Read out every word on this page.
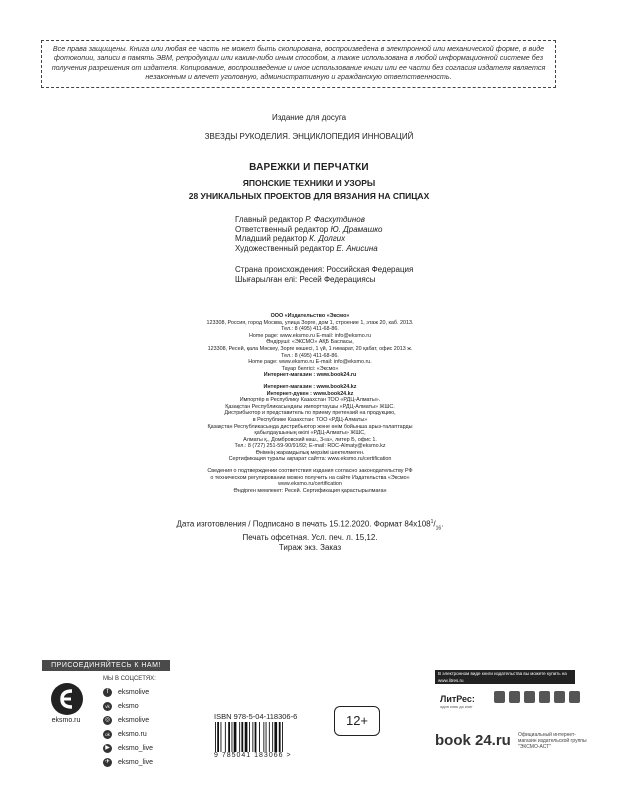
Все права защищены. Книга или любая ее часть не может быть скопирована, воспроизведена в электронной или механической форме, в виде фотокопии, записи в память ЭВМ, репродукции или каким-либо иным способом, а также использована в любой информационной системе без получения разрешения от издателя. Копирование, воспроизведение и иное использование книги или ее части без согласия издателя является незаконным и влечет уголовную, административную и гражданскую ответственность.
Издание для досуга
ЗВЕЗДЫ РУКОДЕЛИЯ. ЭНЦИКЛОПЕДИЯ ИННОВАЦИЙ
ВАРЕЖКИ И ПЕРЧАТКИ
ЯПОНСКИЕ ТЕХНИКИ И УЗОРЫ
28 УНИКАЛЬНЫХ ПРОЕКТОВ ДЛЯ ВЯЗАНИЯ НА СПИЦАХ
Главный редактор Р. Фасхутдинов
Ответственный редактор Ю. Драмашко
Младший редактор К. Долгих
Художественный редактор Е. Анисина
Страна происхождения: Российская Федерация
Шығарылған елі: Ресей Федерациясы
ООО «Издательство «Эксмо»
123308, Россия, город Москва, улица Зорге, дом 1, строение 1, этаж 20, каб. 2013.
Тел.: 8 (495) 411-68-86.
Home page: www.eksmo.ru E-mail: info@eksmo.ru
Өндіруші: «ЭКСМО» АҚБ Баспасы,
123308, Ресей, қала Мәскеу, Зорге көшесі, 1 үй, 1 ғимарат, 20 қабат, офис 2013 ж.
Тел.: 8 (495) 411-68-86.
Home page: www.eksmo.ru E-mail: info@eksmo.ru.
Тауар белгісі: «Эксмо»
Интернет-магазин : www.book24.ru
Интернет-магазин : www.book24.kz
Интернет-дүкен : www.book24.kz
Импортёр в Республику Казахстан ТОО «РДЦ-Алматы».
Қазақстан Республикасындағы импорттаушы «РДЦ-Алматы» ЖШС.
Дистрибьютор и представитель по приему претензий на продукцию,
в Республике Казахстан: ТОО «РДЦ-Алматы»
Қазақстан Республикасында дистрибьютор және өнім бойынша арыз-талаптарды
қабылдаушының өкілі «РДЦ-Алматы» ЖШС,
Алматы қ., Домбровский көш., 3«а», литер Б, офис 1.
Тел.: 8 (727) 251-59-90/91/92; E-mail: RDC-Almaty@eksmo.kz
Өнімнің жарамдылық мерзімі шектелмеген.
Сертификация туралы ақпарат сайтта: www.eksmo.ru/certification
Сведения о подтверждении соответствия издания согласно законодательству РФ
о техническом регулировании можно получить на сайте Издательства «Эксмо»
www.eksmo.ru/certification
Өндірген мемлекет: Ресей. Сертификация қарастырылмаған
Дата изготовления / Подписано в печать 15.12.2020. Формат $84х108^1/_{16}$.
Печать офсетная. Усл. печ. л. 15,12.
Тираж экз. Заказ
ПРИСОЕДИНЯЙТЕСЬ К НАМ!
eksmo.ru
МЫ В СОЦСЕТЯХ:
f	eksmolive
vk	eksmo
◎ eksmolive
ok	eksmo.ru
▶	eksmo_live
✈ eksmo_live
ISBN 978-5-04-118306-6
9 785041 183066 >
12+
В электронном виде книги издательства вы можете купить на www.litres.ru
ЛитРес:
один клик до книг
book 24.ru Официальный интернет-магазин издательской группы "ЭКСМО-АСТ"
